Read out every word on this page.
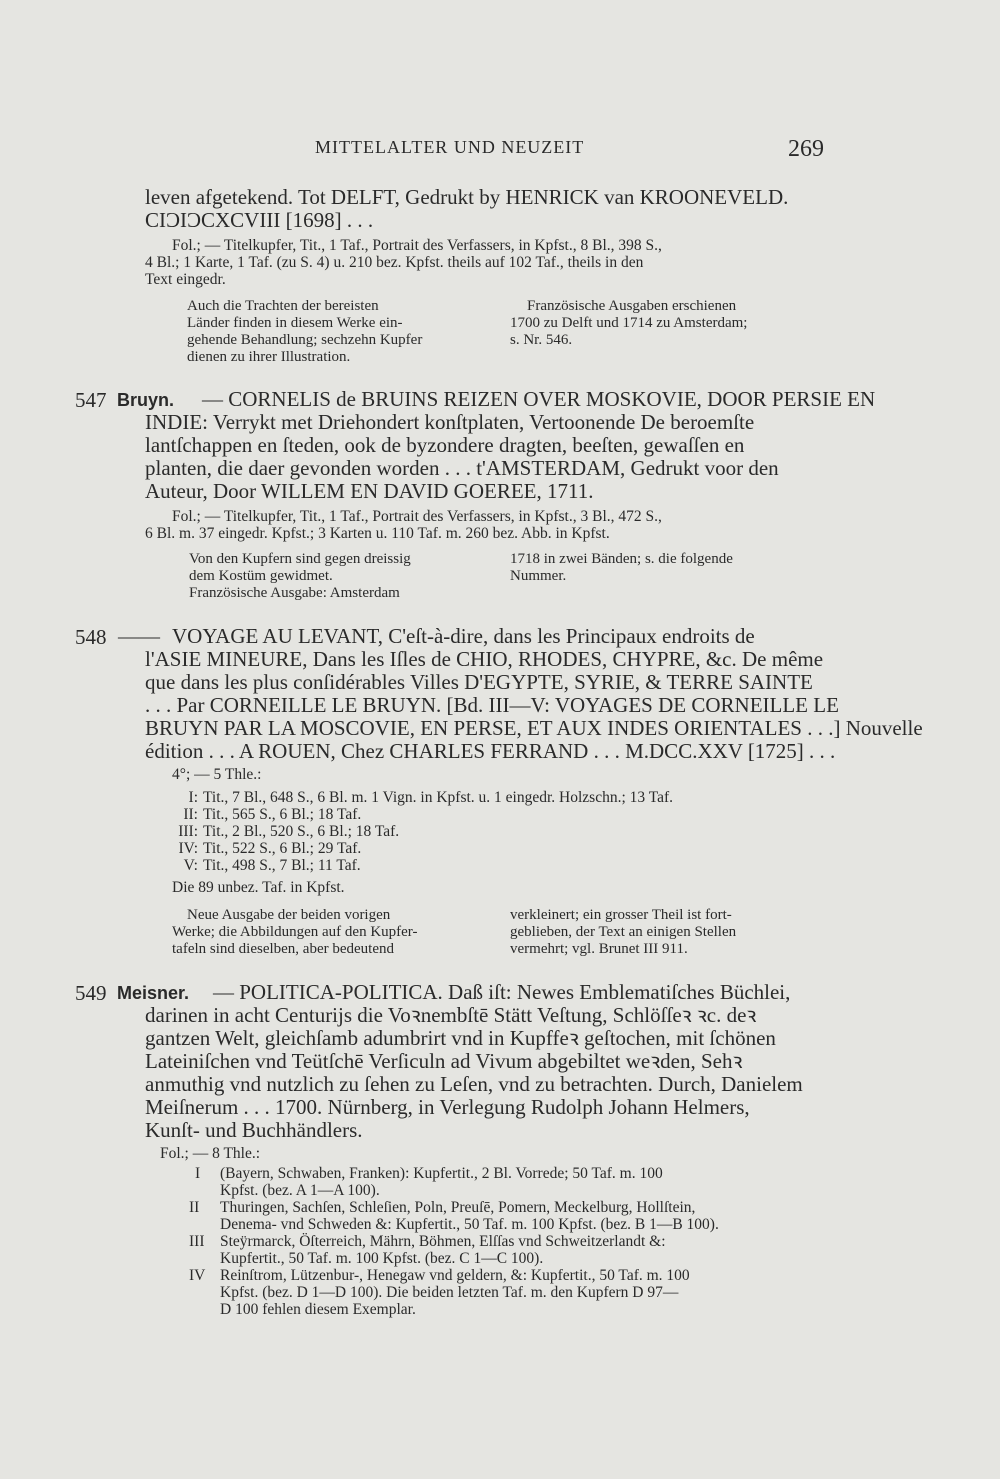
MITTELALTER UND NEUZEIT	269
leven afgetekend. Tot DELFT, Gedrukt by HENRICK van KROONEVELD.
CIƆIƆCXCVIII [1698] . . .
Fol.; — Titelkupfer, Tit., 1 Taf., Portrait des Verfassers, in Kpfst., 8 Bl., 398 S.,
4 Bl.; 1 Karte, 1 Taf. (zu S. 4) u. 210 bez. Kpfst. theils auf 102 Taf., theils in den
Text eingedr.
Auch die Trachten der bereisten
Länder finden in diesem Werke ein-
gehende Behandlung; sechzehn Kupfer
dienen zu ihrer Illustration.
Französische Ausgaben erschienen
1700 zu Delft und 1714 zu Amsterdam;
s. Nr. 546.
547 Bruyn. — CORNELIS de BRUINS REIZEN OVER MOSKOVIE, DOOR PERSIE EN
INDIE: Verrykt met Driehondert konſtplaten, Vertoonende De beroemſte
lantſchappen en ſteden, ook de byzondere dragten, beeſten, gewaſſen en
planten, die daer gevonden worden . . . t'AMSTERDAM, Gedrukt voor den
Auteur, Door WILLEM EN DAVID GOEREE, 1711.
Fol.; — Titelkupfer, Tit., 1 Taf., Portrait des Verfassers, in Kpfst., 3 Bl., 472 S.,
6 Bl. m. 37 eingedr. Kpfst.; 3 Karten u. 110 Taf. m. 260 bez. Abb. in Kpfst.
Von den Kupfern sind gegen dreissig
dem Kostüm gewidmet.
Französische Ausgabe: Amsterdam
1718 in zwei Bänden; s. die folgende
Nummer.
548 —— VOYAGE AU LEVANT, C'eſt-à-dire, dans les Principaux endroits de
l'ASIE MINEURE, Dans les Iſles de CHIO, RHODES, CHYPRE, &c. De même
que dans les plus conſidérables Villes D'EGYPTE, SYRIE, & TERRE SAINTE
. . . Par CORNEILLE LE BRUYN. [Bd. III—V: VOYAGES DE CORNEILLE LE
BRUYN PAR LA MOSCOVIE, EN PERSE, ET AUX INDES ORIENTALES . . .] Nouvelle
édition . . . A ROUEN, Chez CHARLES FERRAND . . . M.DCC.XXV [1725] . . .
4°; — 5 Thle.:
I: Tit., 7 Bl., 648 S., 6 Bl. m. 1 Vign. in Kpfst. u. 1 eingedr. Holzschn.; 13 Taf.
II: Tit., 565 S., 6 Bl.; 18 Taf.
III: Tit., 2 Bl., 520 S., 6 Bl.; 18 Taf.
IV: Tit., 522 S., 6 Bl.; 29 Taf.
V: Tit., 498 S., 7 Bl.; 11 Taf.
Die 89 unbez. Taf. in Kpfst.
Neue Ausgabe der beiden vorigen
Werke; die Abbildungen auf den Kupfer-
tafeln sind dieselben, aber bedeutend
verkleinert; ein grosser Theil ist fort-
geblieben, der Text an einigen Stellen
vermehrt; vgl. Brunet III 911.
549 Meisner. — POLITICA-POLITICA. Daß iſt: Newes Emblematiſches Büchlei,
darinen in acht Centurijs die Voꝛnembſtē Stätt Veſtung, Schlöſſeꝛ ꝛc. deꝛ
gantzen Welt, gleichſamb adumbrirt vnd in Kupffeꝛ geſtochen, mit ſchönen
Lateiniſchen vnd Teütſchē Verſiculn ad Vivum abgebiltet weꝛden, Sehꝛ
anmuthig vnd nutzlich zu ſehen zu Leſen, vnd zu betrachten. Durch, Danielem
Meiſnerum . . . 1700. Nürnberg, in Verlegung Rudolph Johann Helmers,
Kunſt- und Buchhändlers.
Fol.; — 8 Thle.:
I	(Bayern, Schwaben, Franken): Kupfertit., 2 Bl. Vorrede; 50 Taf. m. 100
Kpfst. (bez. A 1—A 100).
II	Thuringen, Sachſen, Schleſien, Poln, Preuſē, Pomern, Meckelburg, Hollſtein,
Denema- vnd Schweden &: Kupfertit., 50 Taf. m. 100 Kpfst. (bez. B 1—B 100).
III	Steÿrmarck, Öſterreich, Mährn, Böhmen, Elſſas vnd Schweitzerlandt &:
Kupfertit., 50 Taf. m. 100 Kpfst. (bez. C 1—C 100).
IV Reinſtrom, Lützenbur-, Henegaw vnd geldern, &: Kupfertit., 50 Taf. m. 100
Kpfst. (bez. D 1—D 100). Die beiden letzten Taf. m. den Kupfern D 97—
D 100 fehlen diesem Exemplar.
